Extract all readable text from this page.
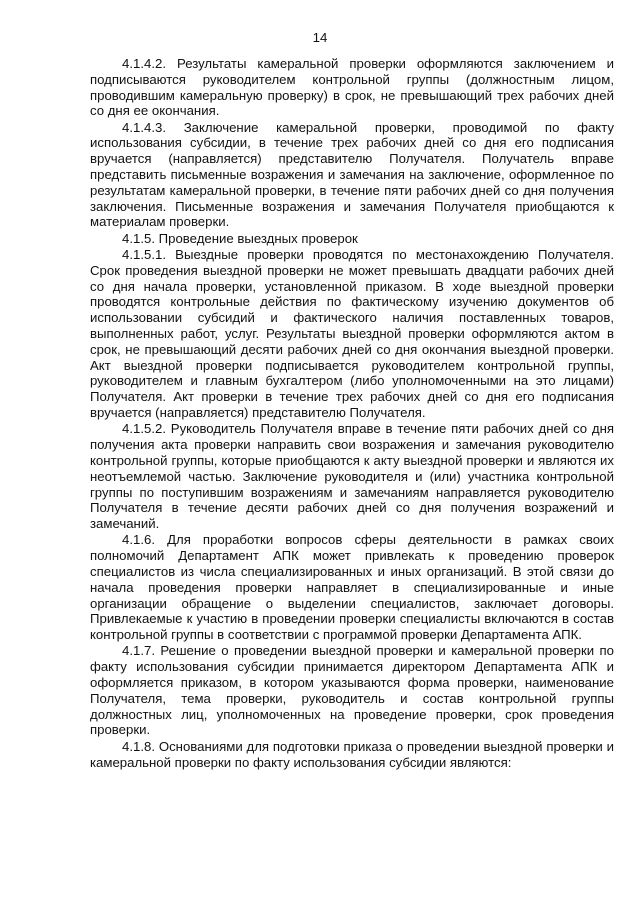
14

4.1.4.2. Результаты камеральной проверки оформляются заключением и подписываются руководителем контрольной группы (должностным лицом, проводившим камеральную проверку) в срок, не превышающий трех рабочих дней со дня ее окончания.

4.1.4.3. Заключение камеральной проверки, проводимой по факту использования субсидии, в течение трех рабочих дней со дня его подписания вручается (направляется) представителю Получателя. Получатель вправе представить письменные возражения и замечания на заключение, оформленное по результатам камеральной проверки, в течение пяти рабочих дней со дня получения заключения. Письменные возражения и замечания Получателя приобщаются к материалам проверки.

4.1.5. Проведение выездных проверок

4.1.5.1. Выездные проверки проводятся по местонахождению Получателя. Срок проведения выездной проверки не может превышать двадцати рабочих дней со дня начала проверки, установленной приказом. В ходе выездной проверки проводятся контрольные действия по фактическому изучению документов об использовании субсидий и фактического наличия поставленных товаров, выполненных работ, услуг. Результаты выездной проверки оформляются актом в срок, не превышающий десяти рабочих дней со дня окончания выездной проверки. Акт выездной проверки подписывается руководителем контрольной группы, руководителем и главным бухгалтером (либо уполномоченными на это лицами) Получателя. Акт проверки в течение трех рабочих дней со дня его подписания вручается (направляется) представителю Получателя.

4.1.5.2. Руководитель Получателя вправе в течение пяти рабочих дней со дня получения акта проверки направить свои возражения и замечания руководителю контрольной группы, которые приобщаются к акту выездной проверки и являются их неотъемлемой частью. Заключение руководителя и (или) участника контрольной группы по поступившим возражениям и замечаниям направляется руководителю Получателя в течение десяти рабочих дней со дня получения возражений и замечаний.

4.1.6. Для проработки вопросов сферы деятельности в рамках своих полномочий Департамент АПК может привлекать к проведению проверок специалистов из числа специализированных и иных организаций. В этой связи до начала проведения проверки направляет в специализированные и иные организации обращение о выделении специалистов, заключает договоры. Привлекаемые к участию в проведении проверки специалисты включаются в состав контрольной группы в соответствии с программой проверки Департамента АПК.

4.1.7. Решение о проведении выездной проверки и камеральной проверки по факту использования субсидии принимается директором Департамента АПК и оформляется приказом, в котором указываются форма проверки, наименование Получателя, тема проверки, руководитель и состав контрольной группы должностных лиц, уполномоченных на проведение проверки, срок проведения проверки.

4.1.8. Основаниями для подготовки приказа о проведении выездной проверки и камеральной проверки по факту использования субсидии являются:
